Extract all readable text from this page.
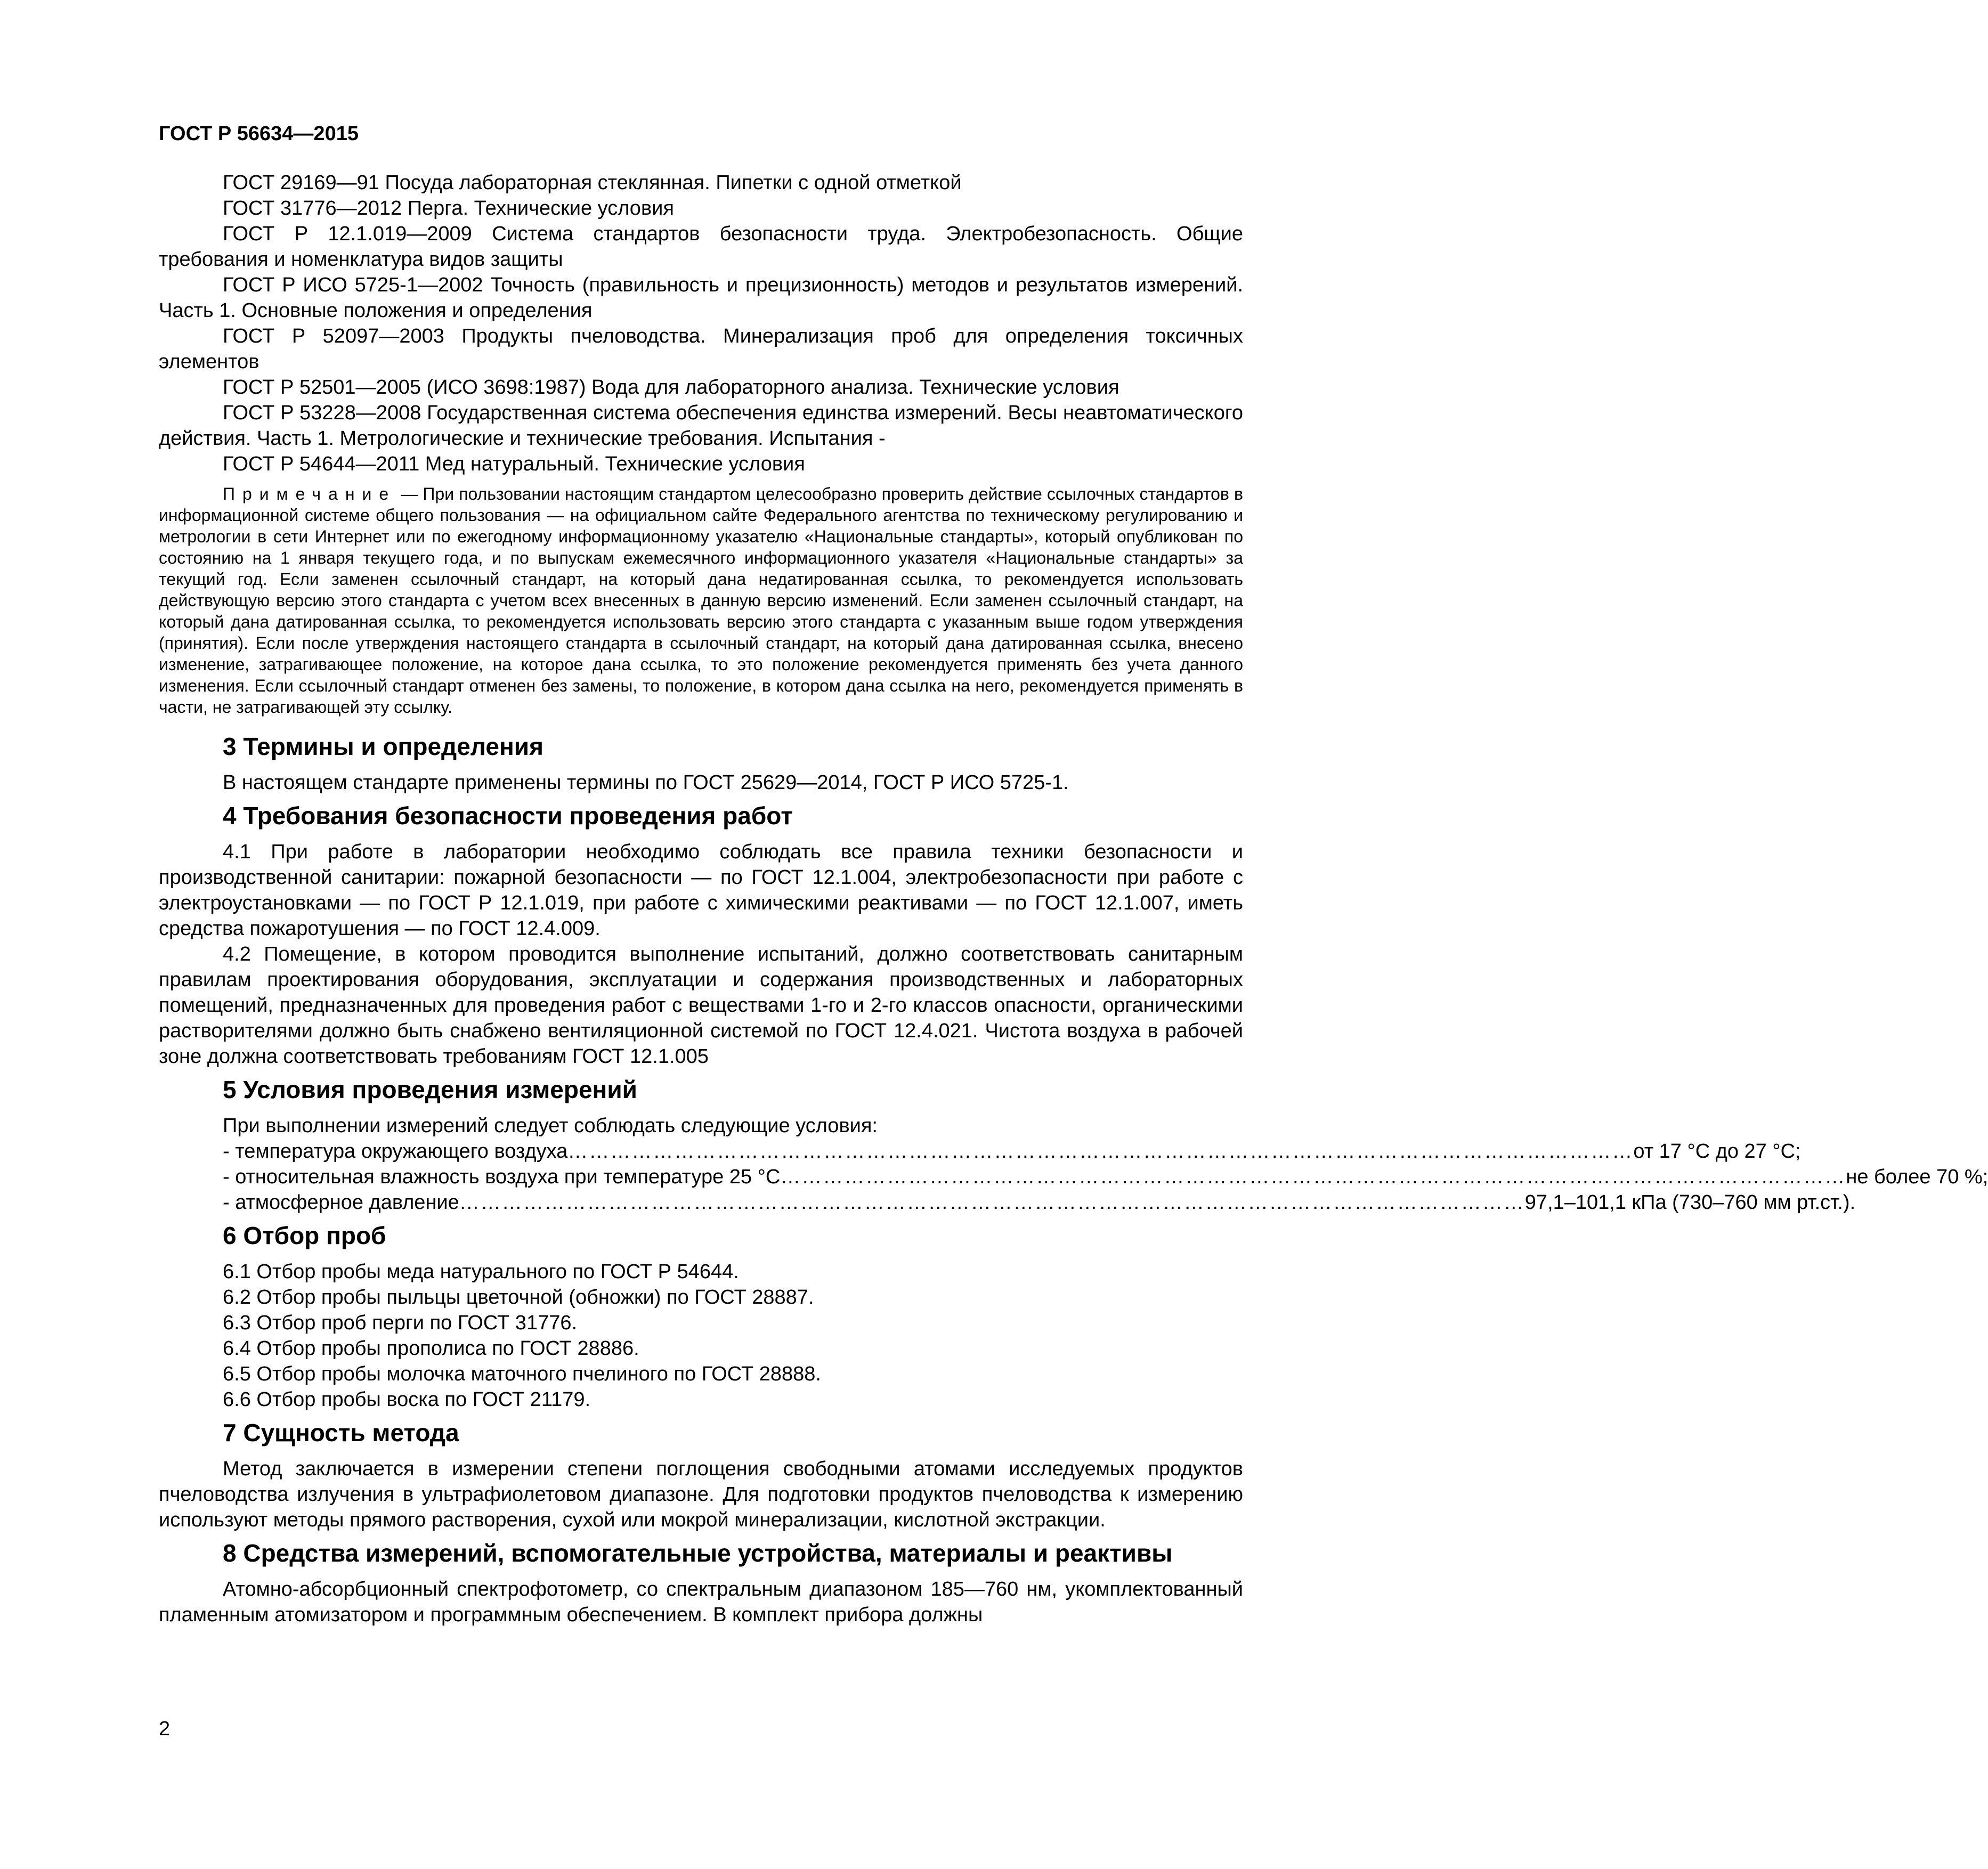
ГОСТ Р 56634—2015

ГОСТ 29169—91 Посуда лабораторная стеклянная. Пипетки с одной отметкой

ГОСТ 31776—2012 Перга. Технические условия

ГОСТ Р 12.1.019—2009 Система стандартов безопасности труда. Электробезопасность. Общие требования и номенклатура видов защиты

ГОСТ Р ИСО 5725-1—2002 Точность (правильность и прецизионность) методов и результатов измерений. Часть 1. Основные положения и определения

ГОСТ Р 52097—2003 Продукты пчеловодства. Минерализация проб для определения токсичных элементов

ГОСТ Р 52501—2005 (ИСО 3698:1987) Вода для лабораторного анализа. Технические условия

ГОСТ Р 53228—2008 Государственная система обеспечения единства измерений. Весы неавтоматического действия. Часть 1. Метрологические и технические требования. Испытания -

ГОСТ Р 54644—2011 Мед натуральный. Технические условия

Примечание — При пользовании настоящим стандартом целесообразно проверить действие ссылочных стандартов в информационной системе общего пользования — на официальном сайте Федерального агентства по техническому регулированию и метрологии в сети Интернет или по ежегодному информационному указателю «Национальные стандарты», который опубликован по состоянию на 1 января текущего года, и по выпускам ежемесячного информационного указателя «Национальные стандарты» за текущий год. Если заменен ссылочный стандарт, на который дана недатированная ссылка, то рекомендуется использовать действующую версию этого стандарта с учетом всех внесенных в данную версию изменений. Если заменен ссылочный стандарт, на который дана датированная ссылка, то рекомендуется использовать версию этого стандарта с указанным выше годом утверждения (принятия). Если после утверждения настоящего стандарта в ссылочный стандарт, на который дана датированная ссылка, внесено изменение, затрагивающее положение, на которое дана ссылка, то это положение рекомендуется применять без учета данного изменения. Если ссылочный стандарт отменен без замены, то положение, в котором дана ссылка на него, рекомендуется применять в части, не затрагивающей эту ссылку.
3 Термины и определения

В настоящем стандарте применены термины по ГОСТ 25629—2014, ГОСТ Р ИСО 5725-1.

4 Требования безопасности проведения работ

4.1 При работе в лаборатории необходимо соблюдать все правила техники безопасности и производственной санитарии: пожарной безопасности — по ГОСТ 12.1.004, электробезопасности при работе с электроустановками — по ГОСТ Р 12.1.019, при работе с химическими реактивами — по ГОСТ 12.1.007, иметь средства пожаротушения — по ГОСТ 12.4.009.

4.2 Помещение, в котором проводится выполнение испытаний, должно соответствовать санитарным правилам проектирования оборудования, эксплуатации и содержания производственных и лабораторных помещений, предназначенных для проведения работ с веществами 1-го и 2-го классов опасности, органическими растворителями должно быть снабжено вентиляционной системой по ГОСТ 12.4.021. Чистота воздуха в рабочей зоне должна соответствовать требованиям ГОСТ 12.1.005

5 Условия проведения измерений

При выполнении измерений следует соблюдать следующие условия:

- температура окружающего воздуха …………………………………………………………………………………………………………………………………… от 17 °С до 27 °С;
- относительная влажность воздуха при температуре 25 °С …………………………………………………………………………………………………………………………………… не более 70 %;
- атмосферное давление …………………………………………………………………………………………………………………………………… 97,1–101,1 кПа (730–760 мм рт.ст.).
6 Отбор проб

6.1 Отбор пробы меда натурального по ГОСТ Р 54644.

6.2 Отбор пробы пыльцы цветочной (обножки) по ГОСТ 28887.

6.3 Отбор проб перги по ГОСТ 31776.

6.4 Отбор пробы прополиса по ГОСТ 28886.

6.5 Отбор пробы молочка маточного пчелиного по ГОСТ 28888.

6.6 Отбор пробы воска по ГОСТ 21179.

7 Сущность метода

Метод заключается в измерении степени поглощения свободными атомами исследуемых продуктов пчеловодства излучения в ультрафиолетовом диапазоне. Для подготовки продуктов пчеловодства к измерению используют методы прямого растворения, сухой или мокрой минерализации, кислотной экстракции.

8 Средства измерений, вспомогательные устройства, материалы и реактивы

Атомно-абсорбционный спектрофотометр, со спектральным диапазоном 185—760 нм, укомплектованный пламенным атомизатором и программным обеспечением. В комплект прибора должны

2
